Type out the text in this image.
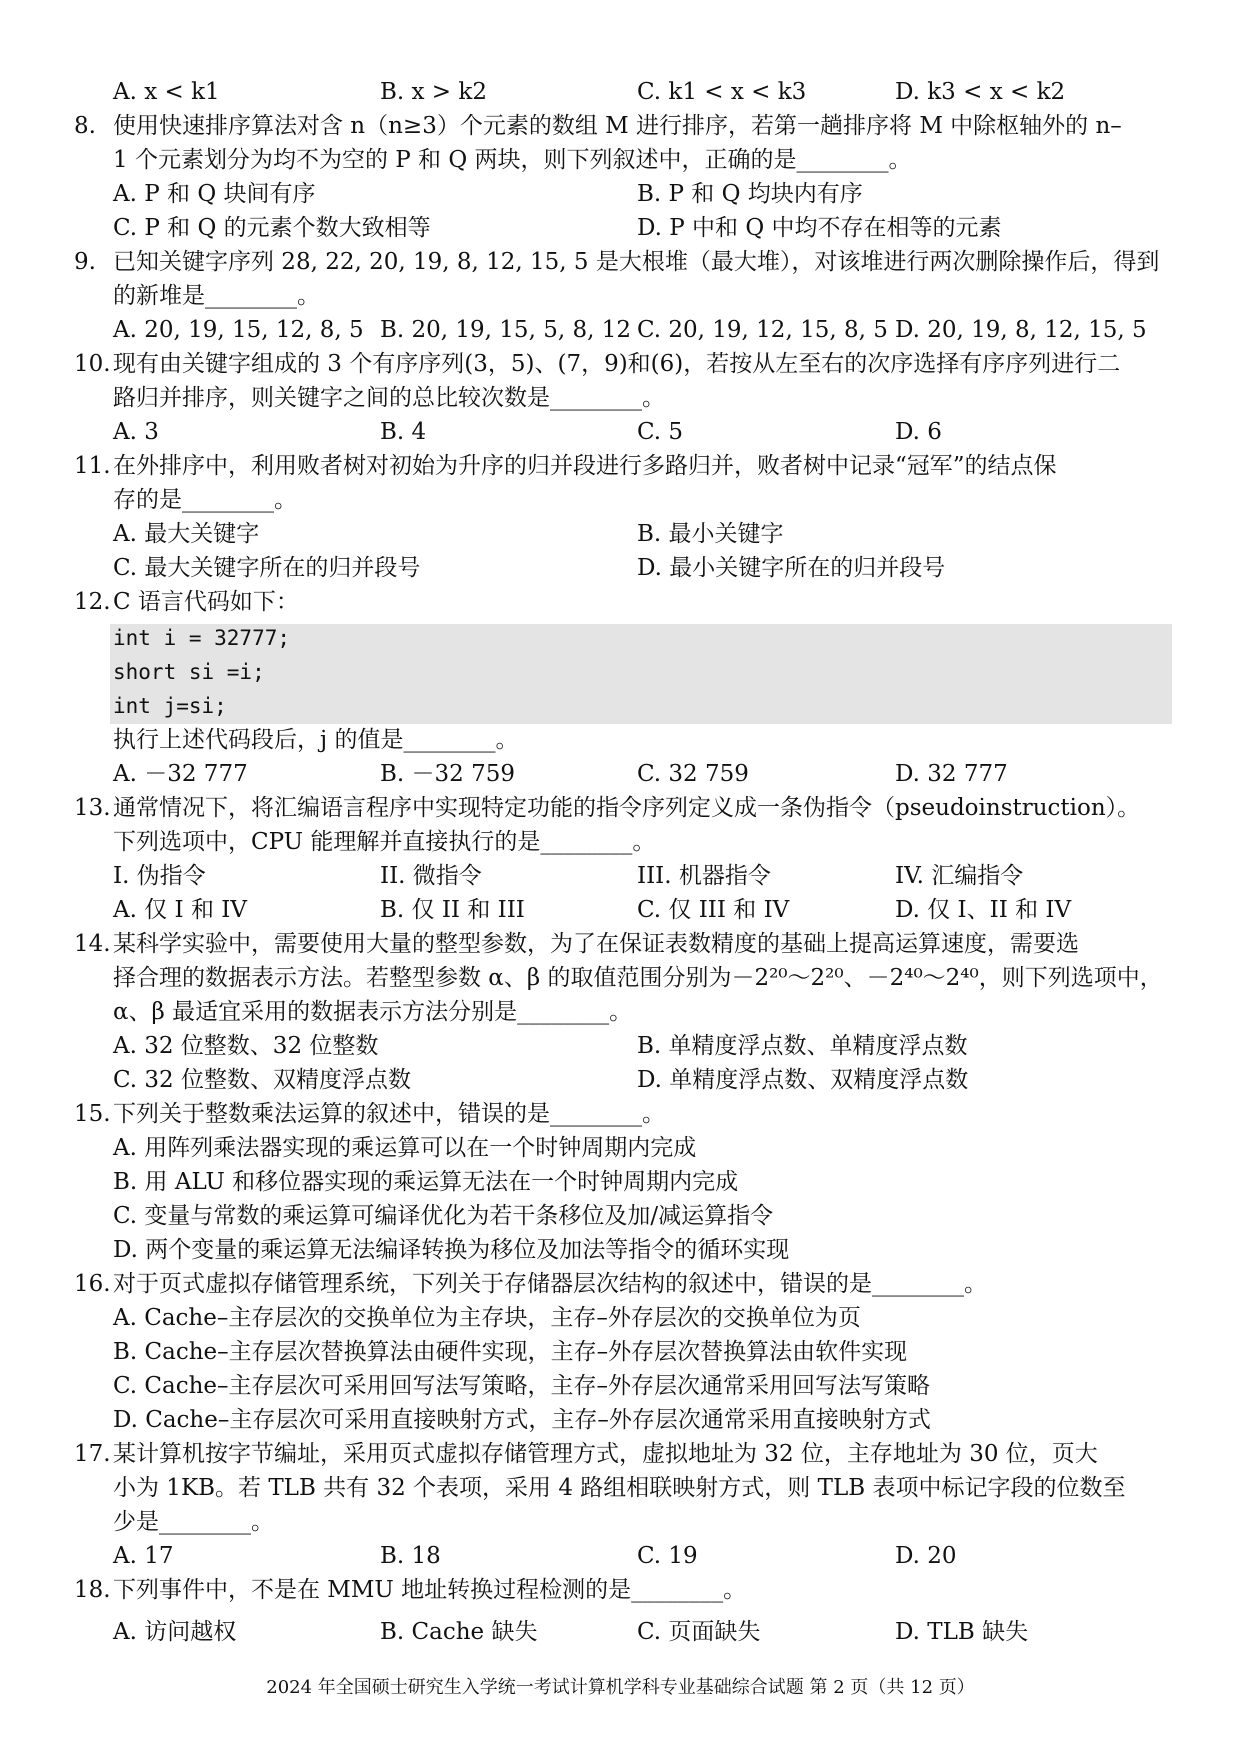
A. x < k1	B. x > k2	C. k1 < x < k3	D. k3 < x < k2
8. 使用快速排序算法对含 n（n≥3）个元素的数组 M 进行排序，若第一趟排序将 M 中除枢轴外的 n–
1 个元素划分为均不为空的 P 和 Q 两块，则下列叙述中，正确的是________。
A. P 和 Q 块间有序	B. P 和 Q 均块内有序
C. P 和 Q 的元素个数大致相等	D. P 中和 Q 中均不存在相等的元素
9. 已知关键字序列 28, 22, 20, 19, 8, 12, 15, 5 是大根堆（最大堆），对该堆进行两次删除操作后，得到
的新堆是________。
A. 20, 19, 15, 12, 8, 5 B. 20, 19, 15, 5, 8, 12 C. 20, 19, 12, 15, 8, 5 D. 20, 19, 8, 12, 15, 5
10. 现有由关键字组成的 3 个有序序列(3，5)、(7，9)和(6)，若按从左至右的次序选择有序序列进行二
路归并排序，则关键字之间的总比较次数是________。
A. 3	B. 4	C. 5	D. 6
11. 在外排序中，利用败者树对初始为升序的归并段进行多路归并，败者树中记录“冠军”的结点保
存的是________。
A. 最大关键字	B. 最小关键字
C. 最大关键字所在的归并段号	D. 最小关键字所在的归并段号
12. C 语言代码如下：
int i = 32777;
short si =i;
int j=si;
执行上述代码段后，j 的值是________。
A. －32 777	B. －32 759	C. 32 759	D. 32 777
13. 通常情况下，将汇编语言程序中实现特定功能的指令序列定义成一条伪指令（pseudoinstruction）。
下列选项中，CPU 能理解并直接执行的是________。
I. 伪指令	II. 微指令	III. 机器指令	IV. 汇编指令
A. 仅 I 和 IV	B. 仅 II 和 III	C. 仅 III 和 IV	D. 仅 I、II 和 IV
14. 某科学实验中，需要使用大量的整型参数，为了在保证表数精度的基础上提高运算速度，需要选
择合理的数据表示方法。若整型参数 α、β 的取值范围分别为－2²⁰～2²⁰、－2⁴⁰～2⁴⁰，则下列选项中，
α、β 最适宜采用的数据表示方法分别是________。
A. 32 位整数、32 位整数	B. 单精度浮点数、单精度浮点数
C. 32 位整数、双精度浮点数	D. 单精度浮点数、双精度浮点数
15. 下列关于整数乘法运算的叙述中，错误的是________。
A. 用阵列乘法器实现的乘运算可以在一个时钟周期内完成
B. 用 ALU 和移位器实现的乘运算无法在一个时钟周期内完成
C. 变量与常数的乘运算可编译优化为若干条移位及加/减运算指令
D. 两个变量的乘运算无法编译转换为移位及加法等指令的循环实现
16. 对于页式虚拟存储管理系统，下列关于存储器层次结构的叙述中，错误的是________。
A. Cache–主存层次的交换单位为主存块，主存–外存层次的交换单位为页
B. Cache–主存层次替换算法由硬件实现，主存–外存层次替换算法由软件实现
C. Cache–主存层次可采用回写法写策略，主存–外存层次通常采用回写法写策略
D. Cache–主存层次可采用直接映射方式，主存–外存层次通常采用直接映射方式
17. 某计算机按字节编址，采用页式虚拟存储管理方式，虚拟地址为 32 位，主存地址为 30 位，页大
小为 1KB。若 TLB 共有 32 个表项，采用 4 路组相联映射方式，则 TLB 表项中标记字段的位数至
少是________。
A. 17	B. 18	C. 19	D. 20
18. 下列事件中，不是在 MMU 地址转换过程检测的是________。
A. 访问越权	B. Cache 缺失	C. 页面缺失	D. TLB 缺失
2024 年全国硕士研究生入学统一考试计算机学科专业基础综合试题 第 2 页（共 12 页）
